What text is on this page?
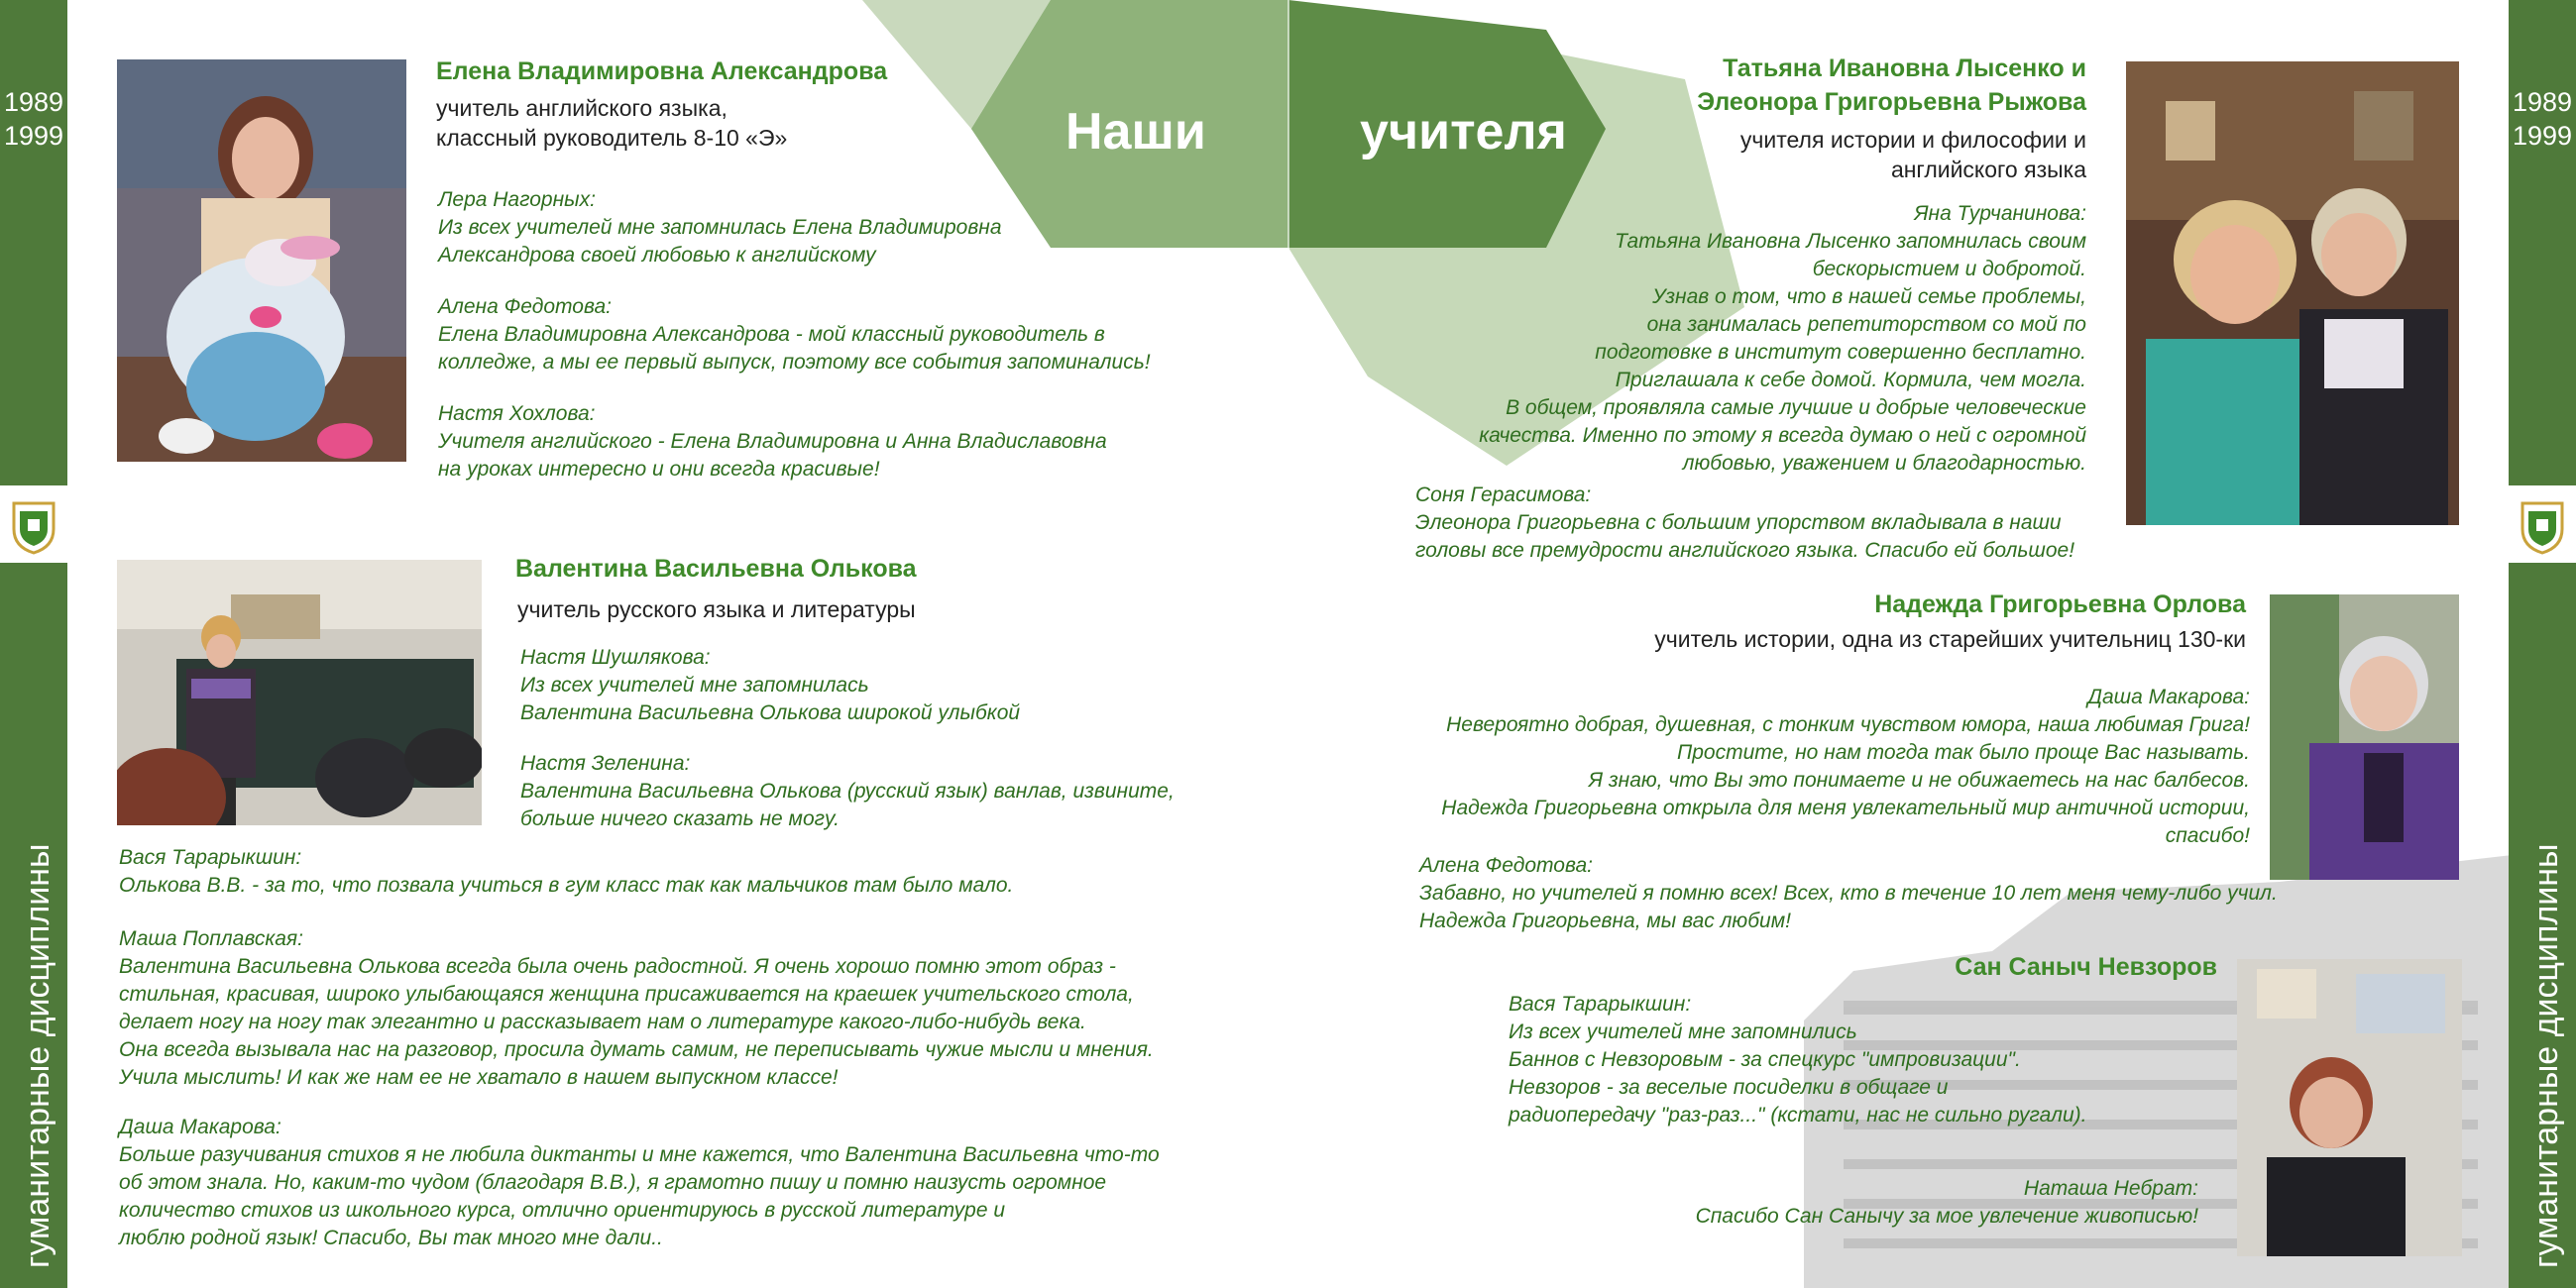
Наши	учителя
1989
1999
гуманитарные дисциплины
1989
1999
гуманитарные дисциплины
Елена Владимировна Александрова
учитель английского языка,
классный руководитель 8-10 «Э»
Лера Нагорных:
Из всех учителей мне запомнилась Елена Владимировна
Александрова своей любовью к английскому
Алена Федотова:
Елена Владимировна Александрова - мой классный руководитель в
колледже, а мы ее первый выпуск, поэтому все события запоминались!
Настя Хохлова:
Учителя английского - Елена Владимировна и Анна Владиславовна
на уроках интересно и они всегда красивые!
Валентина Васильевна Олькова
учитель русского языка и литературы
Настя Шушлякова:
Из всех учителей мне запомнилась
Валентина Васильевна Олькова широкой улыбкой
Настя Зеленина:
Валентина Васильевна Олькова (русский язык) ванлав, извините,
больше ничего сказать не могу.
Вася Тарарыкшин:
Олькова В.В. - за то, что позвала учиться в гум класс так как мальчиков там было мало.
Маша Поплавская:
Валентина Васильевна Олькова всегда была очень радостной. Я очень хорошо помню этот образ -
стильная, красивая, широко улыбающаяся женщина присаживается на краешек учительского стола,
делает ногу на ногу так элегантно и рассказывает нам о литературе какого-либо-нибудь века.
Она всегда вызывала нас на разговор, просила думать самим, не переписывать чужие мысли и мнения.
Учила мыслить! И как же нам ее не хватало в нашем выпускном классе!
Даша Макарова:
Больше разучивания стихов я не любила диктанты и мне кажется, что Валентина Васильевна что-то
об этом знала. Но, каким-то чудом (благодаря В.В.), я грамотно пишу и помню наизусть огромное
количество стихов из школьного курса, отлично ориентируюсь в русской литературе и
люблю родной язык! Спасибо, Вы так много мне дали..
Татьяна Ивановна Лысенко и
Элеонора Григорьевна Рыжова
учителя истории и философии и
английского языка
Яна Турчанинова:
Татьяна Ивановна Лысенко запомнилась своим
бескорыстием и добротой.
Узнав о том, что в нашей семье проблемы,
она занималась репетиторством со мой по
подготовке в институт совершенно бесплатно.
Приглашала к себе домой. Кормила, чем могла.
В общем, проявляла самые лучшие и добрые человеческие
качества. Именно по этому я всегда думаю о ней с огромной
любовью, уважением и благодарностью.
Соня Герасимова:
Элеонора Григорьевна с большим упорством вкладывала в наши
головы все премудрости английского языка. Спасибо ей большое!
Надежда Григорьевна Орлова
учитель истории, одна из старейших учительниц 130-ки
Даша Макарова:
Невероятно добрая, душевная, с тонким чувством юмора, наша любимая Грига!
Простите, но нам тогда так было проще Вас называть.
Я знаю, что Вы это понимаете и не обижаетесь на нас балбесов.
Надежда Григорьевна открыла для меня увлекательный мир античной истории,
спасибо!
Алена Федотова:
Забавно, но учителей я помню всех! Всех, кто в течение 10 лет меня чему-либо учил.
Надежда Григорьевна, мы вас любим!
Сан Саныч Невзоров
Вася Тарарыкшин:
Из всех учителей мне запомнились
Баннов с Невзоровым - за спецкурс "импровизации".
Невзоров - за веселые посиделки в общаге и
радиопередачу "раз-раз..." (кстати, нас не сильно ругали).
Наташа Небрат:
Спасибо Сан Санычу за мое увлечение живописью!
